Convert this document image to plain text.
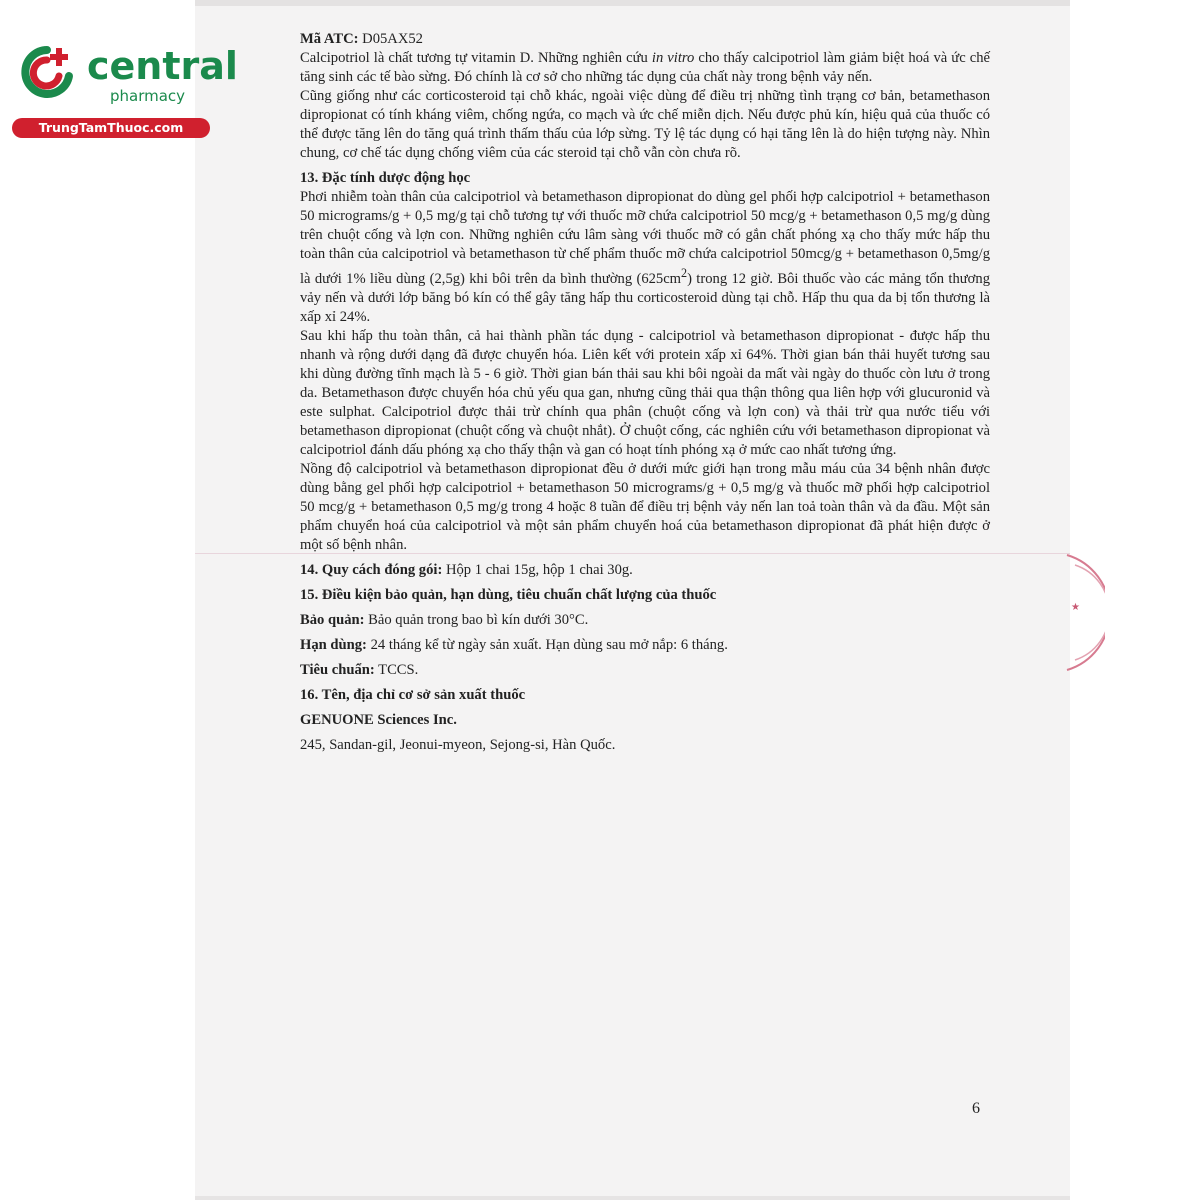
central
pharmacy
TrungTamThuoc.com

Mã ATC: D05AX52

Calcipotriol là chất tương tự vitamin D. Những nghiên cứu in vitro cho thấy calcipotriol làm giảm biệt hoá và ức chế tăng sinh các tế bào sừng. Đó chính là cơ sở cho những tác dụng của chất này trong bệnh vảy nến.

Cũng giống như các corticosteroid tại chỗ khác, ngoài việc dùng để điều trị những tình trạng cơ bản, betamethason dipropionat có tính kháng viêm, chống ngứa, co mạch và ức chế miễn dịch. Nếu được phủ kín, hiệu quả của thuốc có thể được tăng lên do tăng quá trình thấm thấu của lớp sừng. Tỷ lệ tác dụng có hại tăng lên là do hiện tượng này. Nhìn chung, cơ chế tác dụng chống viêm của các steroid tại chỗ vẫn còn chưa rõ.

13. Đặc tính dược động học

Phơi nhiễm toàn thân của calcipotriol và betamethason dipropionat do dùng gel phối hợp calcipotriol + betamethason 50 micrograms/g + 0,5 mg/g tại chỗ tương tự với thuốc mỡ chứa calcipotriol 50 mcg/g + betamethason 0,5 mg/g dùng trên chuột cống và lợn con. Những nghiên cứu lâm sàng với thuốc mỡ có gắn chất phóng xạ cho thấy mức hấp thu toàn thân của calcipotriol và betamethason từ chế phẩm thuốc mỡ chứa calcipotriol 50mcg/g + betamethason 0,5mg/g là dưới 1% liều dùng (2,5g) khi bôi trên da bình thường $(625cm^2)$ trong 12 giờ. Bôi thuốc vào các mảng tổn thương vảy nến và dưới lớp băng bó kín có thể gây tăng hấp thu corticosteroid dùng tại chỗ. Hấp thu qua da bị tổn thương là xấp xỉ 24%.

Sau khi hấp thu toàn thân, cả hai thành phần tác dụng - calcipotriol và betamethason dipropionat - được hấp thu nhanh và rộng dưới dạng đã được chuyển hóa. Liên kết với protein xấp xỉ 64%. Thời gian bán thải huyết tương sau khi dùng đường tĩnh mạch là 5 - 6 giờ. Thời gian bán thải sau khi bôi ngoài da mất vài ngày do thuốc còn lưu ở trong da. Betamethason được chuyển hóa chủ yếu qua gan, nhưng cũng thải qua thận thông qua liên hợp với glucuronid và este sulphat. Calcipotriol được thải trừ chính qua phân (chuột cống và lợn con) và thải trừ qua nước tiểu với betamethason dipropionat (chuột cống và chuột nhắt). Ở chuột cống, các nghiên cứu với betamethason dipropionat và calcipotriol đánh dấu phóng xạ cho thấy thận và gan có hoạt tính phóng xạ ở mức cao nhất tương ứng.

Nồng độ calcipotriol và betamethason dipropionat đều ở dưới mức giới hạn trong mẫu máu của 34 bệnh nhân được dùng bằng gel phối hợp calcipotriol + betamethason 50 micrograms/g + 0,5 mg/g và thuốc mỡ phối hợp calcipotriol 50 mcg/g + betamethason 0,5 mg/g trong 4 hoặc 8 tuần để điều trị bệnh vảy nến lan toả toàn thân và da đầu. Một sản phẩm chuyển hoá của calcipotriol và một sản phẩm chuyển hoá của betamethason dipropionat đã phát hiện được ở một số bệnh nhân.

14. Quy cách đóng gói: Hộp 1 chai 15g, hộp 1 chai 30g.

15. Điều kiện bảo quản, hạn dùng, tiêu chuẩn chất lượng của thuốc

Bảo quản: Bảo quản trong bao bì kín dưới 30°C.

Hạn dùng: 24 tháng kể từ ngày sản xuất. Hạn dùng sau mở nắp: 6 tháng.

Tiêu chuẩn: TCCS.

16. Tên, địa chỉ cơ sở sản xuất thuốc

GENUONE Sciences Inc.

245, Sandan-gil, Jeonui-myeon, Sejong-si, Hàn Quốc.

★
6
